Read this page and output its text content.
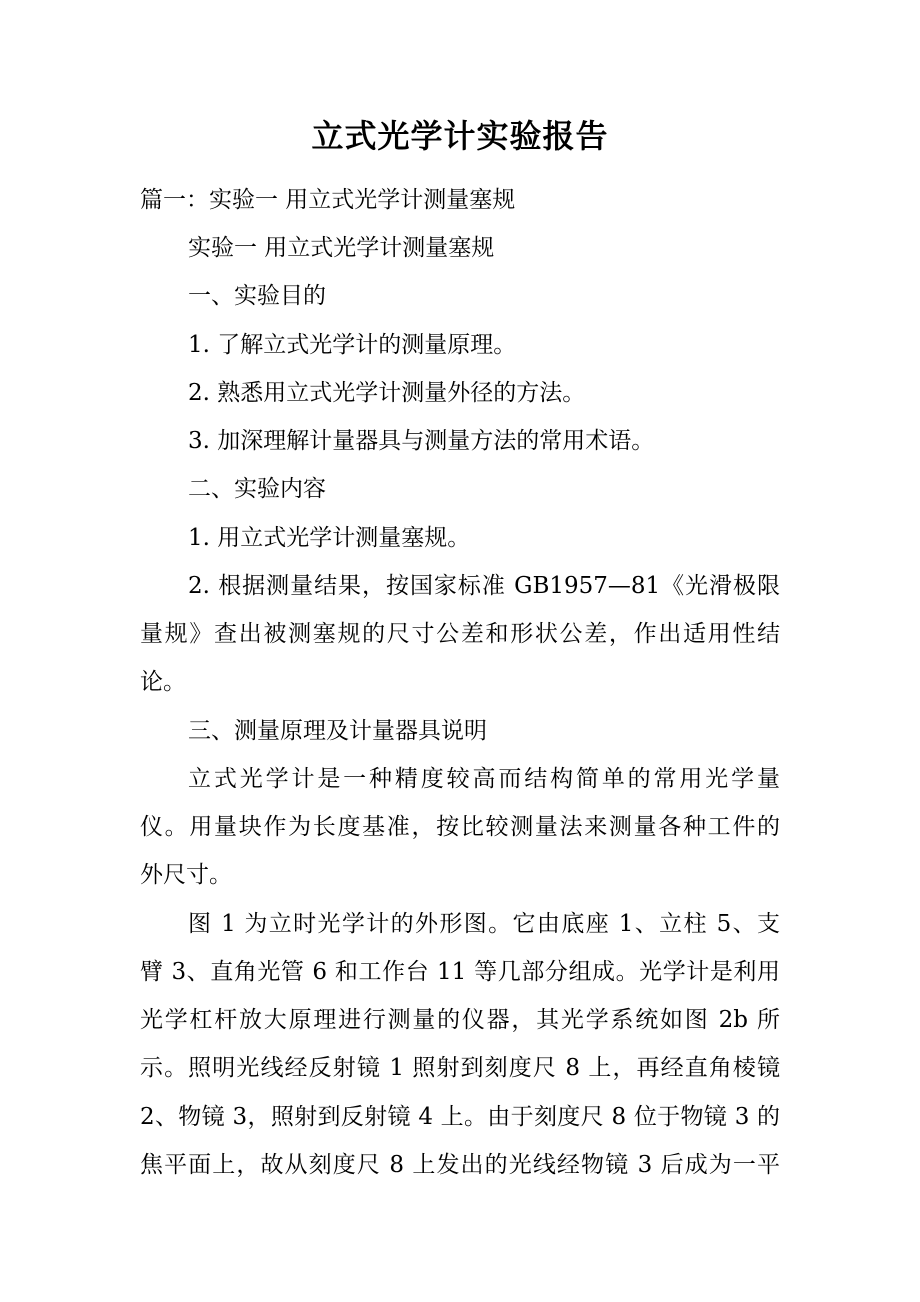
立式光学计实验报告
篇一：实验一 用立式光学计测量塞规
实验一 用立式光学计测量塞规
一、实验目的
1. 了解立式光学计的测量原理。
2. 熟悉用立式光学计测量外径的方法。
3. 加深理解计量器具与测量方法的常用术语。
二、实验内容
1. 用立式光学计测量塞规。
2. 根据测量结果，按国家标准 GB1957—81《光滑极限
量规》查出被测塞规的尺寸公差和形状公差，作出适用性结
论。
三、测量原理及计量器具说明
立式光学计是一种精度较高而结构简单的常用光学量
仪。用量块作为长度基准，按比较测量法来测量各种工件的
外尺寸。
图 1 为立时光学计的外形图。它由底座 1、立柱 5、支
臂 3、直角光管 6 和工作台 11 等几部分组成。光学计是利用
光学杠杆放大原理进行测量的仪器，其光学系统如图 2b 所
示。照明光线经反射镜 1 照射到刻度尺 8 上，再经直角棱镜
2、物镜 3，照射到反射镜 4 上。由于刻度尺 8 位于物镜 3 的
焦平面上，故从刻度尺 8 上发出的光线经物镜 3 后成为一平
